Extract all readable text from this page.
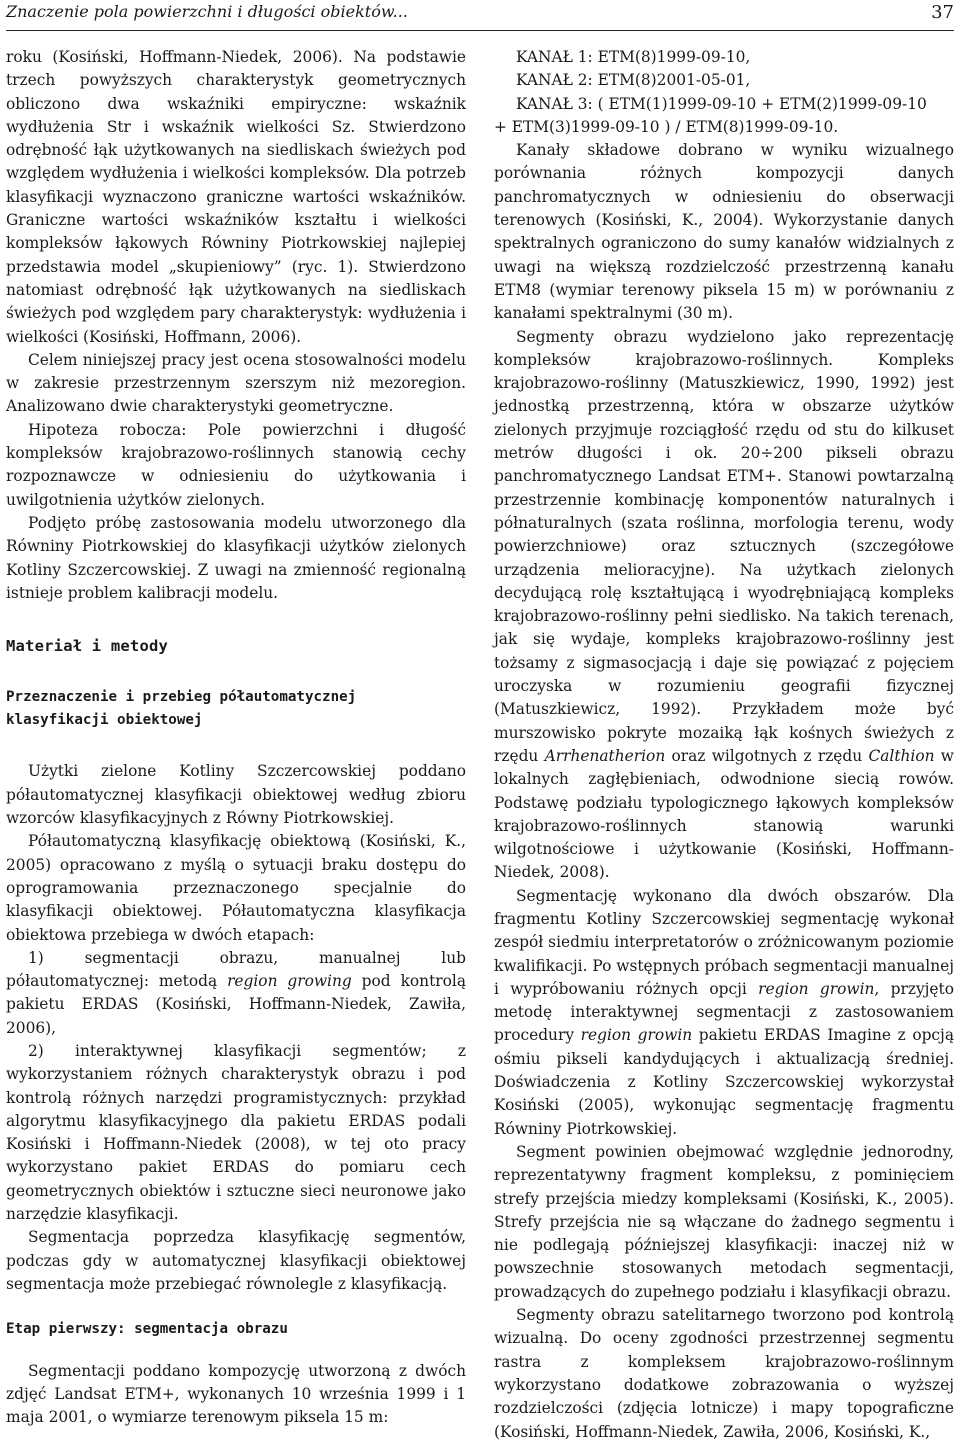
Znaczenie pola powierzchni i długości obiektów...	37

roku (Kosiński, Hoffmann-Niedek, 2006). Na podstawie trzech powyższych charakterystyk geometrycznych obliczono dwa wskaźniki empiryczne: wskaźnik wydłużenia Str i wskaźnik wielkości Sz. Stwierdzono odrębność łąk użytkowanych na siedliskach świeżych pod względem wydłużenia i wielkości kompleksów. Dla potrzeb klasyfikacji wyznaczono graniczne wartości wskaźników. Graniczne wartości wskaźników kształtu i wielkości kompleksów łąkowych Równiny Piotrkowskiej najlepiej przedstawia model „skupieniowy” (ryc. 1). Stwierdzono natomiast odrębność łąk użytkowanych na siedliskach świeżych pod względem pary charakterystyk: wydłużenia i wielkości (Kosiński, Hoffmann, 2006).

Celem niniejszej pracy jest ocena stosowalności modelu w zakresie przestrzennym szerszym niż mezoregion. Analizowano dwie charakterystyki geometryczne.

Hipoteza robocza: Pole powierzchni i długość kompleksów krajobrazowo-roślinnych stanowią cechy rozpoznawcze w odniesieniu do użytkowania i uwilgotnienia użytków zielonych.

Podjęto próbę zastosowania modelu utworzonego dla Równiny Piotrkowskiej do klasyfikacji użytków zielonych Kotliny Szczercowskiej. Z uwagi na zmienność regionalną istnieje problem kalibracji modelu.

Materiał i metody
Przeznaczenie i przebieg półautomatycznej klasyfikacji obiektowej

Użytki zielone Kotliny Szczercowskiej poddano półautomatycznej klasyfikacji obiektowej według zbioru wzorców klasyfikacyjnych z Równy Piotrkowskiej.

Półautomatyczną klasyfikację obiektową (Kosiński, K., 2005) opracowano z myślą o sytuacji braku dostępu do oprogramowania przeznaczonego specjalnie do klasyfikacji obiektowej. Półautomatyczna klasyfikacja obiektowa przebiega w dwóch etapach:

1) segmentacji obrazu, manualnej lub półautomatycznej: metodą region growing pod kontrolą pakietu ERDAS (Kosiński, Hoffmann-Niedek, Zawiła, 2006),

2) interaktywnej klasyfikacji segmentów; z wykorzystaniem różnych charakterystyk obrazu i pod kontrolą różnych narzędzi programistycznych: przykład algorytmu klasyfikacyjnego dla pakietu ERDAS podali Kosiński i Hoffmann-Niedek (2008), w tej oto pracy wykorzystano pakiet ERDAS do pomiaru cech geometrycznych obiektów i sztuczne sieci neuronowe jako narzędzie klasyfikacji.

Segmentacja poprzedza klasyfikację segmentów, podczas gdy w automatycznej klasyfikacji obiektowej segmentacja może przebiegać równolegle z klasyfikacją.

Etap pierwszy: segmentacja obrazu

Segmentacji poddano kompozycję utworzoną z dwóch zdjęć Landsat ETM+, wykonanych 10 września 1999 i 1 maja 2001, o wymiarze terenowym piksela 15 m:

KANAŁ 1: ETM(8)1999-09-10,

KANAŁ 2: ETM(8)2001-05-01,

KANAŁ 3: ( ETM(1)1999-09-10 + ETM(2)1999-09-10

+ ETM(3)1999-09-10 ) / ETM(8)1999-09-10.

Kanały składowe dobrano w wyniku wizualnego porównania różnych kompozycji danych panchromatycznych w odniesieniu do obserwacji terenowych (Kosiński, K., 2004). Wykorzystanie danych spektralnych ograniczono do sumy kanałów widzialnych z uwagi na większą rozdzielczość przestrzenną kanału ETM8 (wymiar terenowy piksela 15 m) w porównaniu z kanałami spektralnymi (30 m).

Segmenty obrazu wydzielono jako reprezentację kompleksów krajobrazowo-roślinnych. Kompleks krajobrazowo-roślinny (Matuszkiewicz, 1990, 1992) jest jednostką przestrzenną, która w obszarze użytków zielonych przyjmuje rozciągłość rzędu od stu do kilkuset metrów długości i ok. 20÷200 pikseli obrazu panchromatycznego Landsat ETM+. Stanowi powtarzalną przestrzennie kombinację komponentów naturalnych i półnaturalnych (szata roślinna, morfologia terenu, wody powierzchniowe) oraz sztucznych (szczegółowe urządzenia melioracyjne). Na użytkach zielonych decydującą rolę kształtującą i wyodrębniającą kompleks krajobrazowo-roślinny pełni siedlisko. Na takich terenach, jak się wydaje, kompleks krajobrazowo-roślinny jest tożsamy z sigmasocjacją i daje się powiązać z pojęciem uroczyska w rozumieniu geografii fizycznej (Matuszkiewicz, 1992). Przykładem może być murszowisko pokryte mozaiką łąk kośnych świeżych z rzędu Arrhenatherion oraz wilgotnych z rzędu Calthion w lokalnych zagłębieniach, odwodnione siecią rowów. Podstawę podziału typologicznego łąkowych kompleksów krajobrazowo-roślinnych stanowią warunki wilgotnościowe i użytkowanie (Kosiński, Hoffmann-Niedek, 2008).

Segmentację wykonano dla dwóch obszarów. Dla fragmentu Kotliny Szczercowskiej segmentację wykonał zespół siedmiu interpretatorów o zróżnicowanym poziomie kwalifikacji. Po wstępnych próbach segmentacji manualnej i wypróbowaniu różnych opcji region growin, przyjęto metodę interaktywnej segmentacji z zastosowaniem procedury region growin pakietu ERDAS Imagine z opcją ośmiu pikseli kandydujących i aktualizacją średniej. Doświadczenia z Kotliny Szczercowskiej wykorzystał Kosiński (2005), wykonując segmentację fragmentu Równiny Piotrkowskiej.

Segment powinien obejmować względnie jednorodny, reprezentatywny fragment kompleksu, z pominięciem strefy przejścia miedzy kompleksami (Kosiński, K., 2005). Strefy przejścia nie są włączane do żadnego segmentu i nie podlegają późniejszej klasyfikacji: inaczej niż w powszechnie stosowanych metodach segmentacji, prowadzących do zupełnego podziału i klasyfikacji obrazu.

Segmenty obrazu satelitarnego tworzono pod kontrolą wizualną. Do oceny zgodności przestrzennej segmentu rastra z kompleksem krajobrazowo-roślinnym wykorzystano dodatkowe zobrazowania o wyższej rozdzielczości (zdjęcia lotnicze) i mapy topograficzne (Kosiński, Hoffmann-Niedek, Zawiła, 2006, Kosiński, K.,
